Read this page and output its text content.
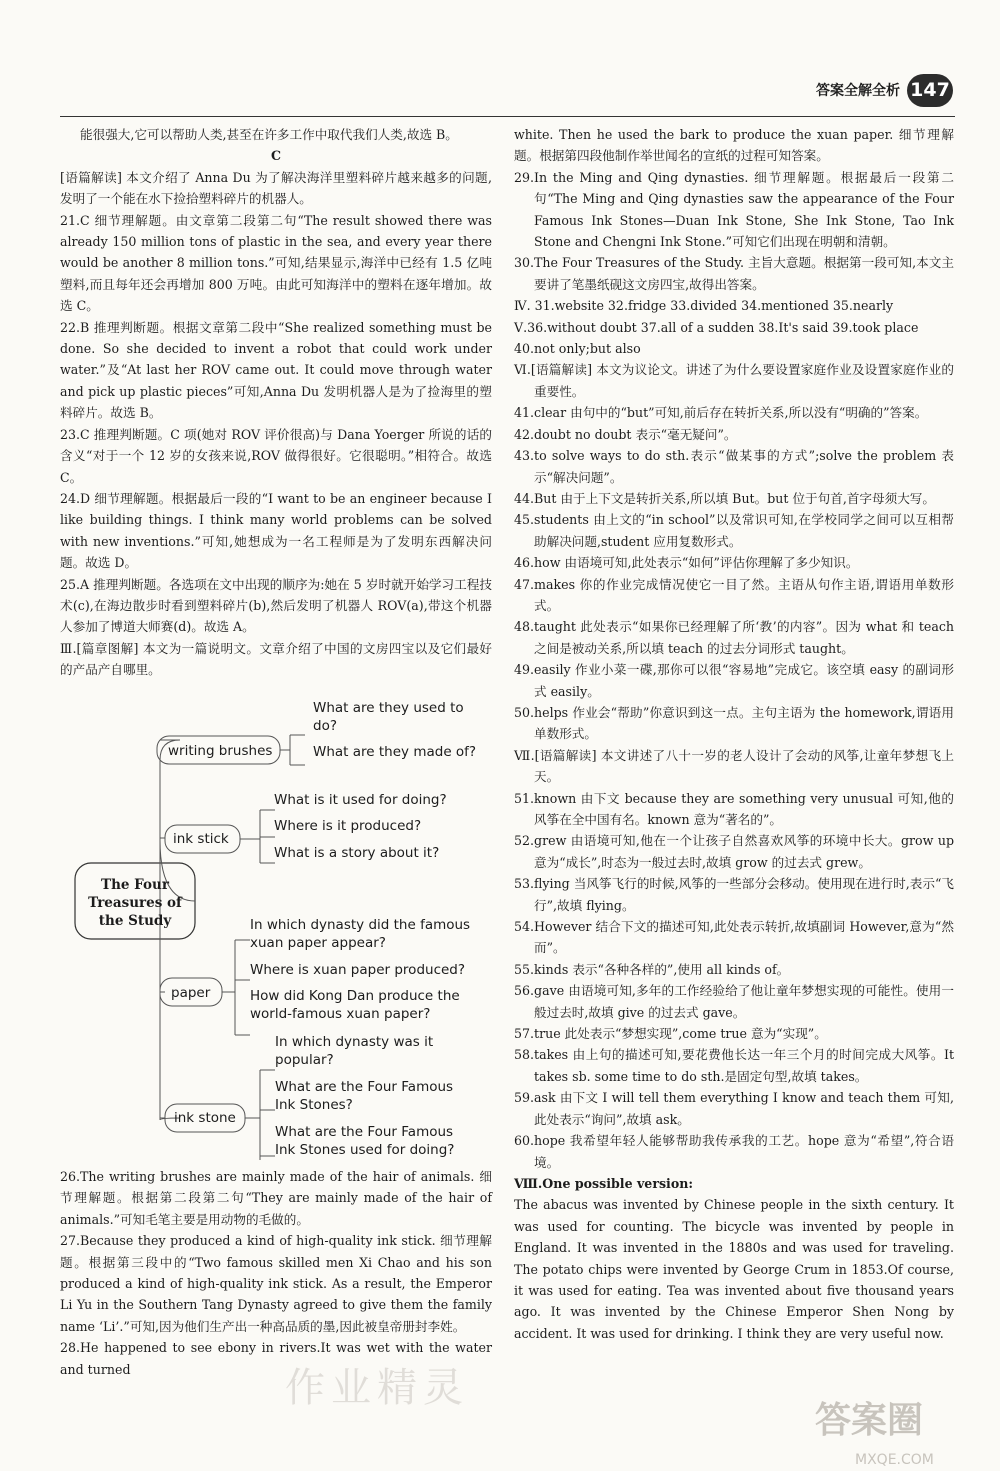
答案全解全析 147

能很强大,它可以帮助人类,甚至在许多工作中取代我们人类,故选 B。

C

[语篇解读] 本文介绍了 Anna Du 为了解决海洋里塑料碎片越来越多的问题,发明了一个能在水下捡拾塑料碎片的机器人。

21.C 细节理解题。由文章第二段第二句“The result showed there was already 150 million tons of plastic in the sea, and every year there would be another 8 million tons.”可知,结果显示,海洋中已经有 1.5 亿吨塑料,而且每年还会再增加 800 万吨。由此可知海洋中的塑料在逐年增加。故选 C。

22.B 推理判断题。根据文章第二段中“She realized something must be done. So she decided to invent a robot that could work under water.”及“At last her ROV came out. It could move through water and pick up plastic pieces”可知,Anna Du 发明机器人是为了捡海里的塑料碎片。故选 B。

23.C 推理判断题。C 项(她对 ROV 评价很高)与 Dana Yoerger 所说的话的含义“对于一个 12 岁的女孩来说,ROV 做得很好。它很聪明。”相符合。故选 C。

24.D 细节理解题。根据最后一段的“I want to be an engineer because I like building things. I think many world problems can be solved with new inventions.”可知,她想成为一名工程师是为了发明东西解决问题。故选 D。

25.A 推理判断题。各选项在文中出现的顺序为:她在 5 岁时就开始学习工程技术(c),在海边散步时看到塑料碎片(b),然后发明了机器人 ROV(a),带这个机器人参加了博道大师赛(d)。故选 A。

Ⅲ.[篇章图解] 本文为一篇说明文。文章介绍了中国的文房四宝以及它们最好的产品产自哪里。

The Four Treasures of the Study
writing brushes
What are they used to do?
What are they made of?
ink stick
What is it used for doing?
Where is it produced?
What is a story about it?
paper
In which dynasty did the famous xuan paper appear?
Where is xuan paper produced?
How did Kong Dan produce the world-famous xuan paper?
ink stone
In which dynasty was it popular?
What are the Four Famous Ink Stones?
What are the Four Famous Ink Stones used for doing?

26.The writing brushes are mainly made of the hair of animals. 细节理解题。根据第二段第二句“They are mainly made of the hair of animals.”可知毛笔主要是用动物的毛做的。

27.Because they produced a kind of high-quality ink stick. 细节理解题。根据第三段中的“Two famous skilled men Xi Chao and his son produced a kind of high-quality ink stick. As a result, the Emperor Li Yu in the Southern Tang Dynasty agreed to give them the family name ‘Li’.”可知,因为他们生产出一种高品质的墨,因此被皇帝册封李姓。

28.He happened to see ebony in rivers.It was wet with the water and turned

white. Then he used the bark to produce the xuan paper. 细节理解题。根据第四段他制作举世闻名的宣纸的过程可知答案。

29.In the Ming and Qing dynasties. 细节理解题。根据最后一段第二句“The Ming and Qing dynasties saw the appearance of the Four Famous Ink Stones—Duan Ink Stone, She Ink Stone, Tao Ink Stone and Chengni Ink Stone.”可知它们出现在明朝和清朝。

30.The Four Treasures of the Study. 主旨大意题。根据第一段可知,本文主要讲了笔墨纸砚这文房四宝,故得出答案。

Ⅳ. 31.website 32.fridge 33.divided 34.mentioned 35.nearly

Ⅴ.36.without doubt 37.all of a sudden 38.It's said 39.took place

40.not only;but also

Ⅵ.[语篇解读] 本文为议论文。讲述了为什么要设置家庭作业及设置家庭作业的重要性。

41.clear 由句中的“but”可知,前后存在转折关系,所以没有“明确的”答案。

42.doubt no doubt 表示“毫无疑问”。

43.to solve ways to do sth.表示“做某事的方式”;solve the problem 表示“解决问题”。

44.But 由于上下文是转折关系,所以填 But。but 位于句首,首字母须大写。

45.students 由上文的“in school”以及常识可知,在学校同学之间可以互相帮助解决问题,student 应用复数形式。

46.how 由语境可知,此处表示“如何”评估你理解了多少知识。

47.makes 你的作业完成情况使它一目了然。主语从句作主语,谓语用单数形式。

48.taught 此处表示“如果你已经理解了所‘教’的内容”。因为 what 和 teach 之间是被动关系,所以填 teach 的过去分词形式 taught。

49.easily 作业小菜一碟,那你可以很“容易地”完成它。该空填 easy 的副词形式 easily。

50.helps 作业会“帮助”你意识到这一点。主句主语为 the homework,谓语用单数形式。

Ⅶ.[语篇解读] 本文讲述了八十一岁的老人设计了会动的风筝,让童年梦想飞上天。

51.known 由下文 because they are something very unusual 可知,他的风筝在全中国有名。known 意为“著名的”。

52.grew 由语境可知,他在一个让孩子自然喜欢风筝的环境中长大。grow up 意为“成长”,时态为一般过去时,故填 grow 的过去式 grew。

53.flying 当风筝飞行的时候,风筝的一些部分会移动。使用现在进行时,表示“飞行”,故填 flying。

54.However 结合下文的描述可知,此处表示转折,故填副词 However,意为“然而”。

55.kinds 表示“各种各样的”,使用 all kinds of。

56.gave 由语境可知,多年的工作经验给了他让童年梦想实现的可能性。使用一般过去时,故填 give 的过去式 gave。

57.true 此处表示“梦想实现”,come true 意为“实现”。

58.takes 由上句的描述可知,要花费他长达一年三个月的时间完成大风筝。It takes sb. some time to do sth.是固定句型,故填 takes。

59.ask 由下文 I will tell them everything I know and teach them 可知,此处表示“询问”,故填 ask。

60.hope 我希望年轻人能够帮助我传承我的工艺。hope 意为“希望”,符合语境。

Ⅷ.One possible version:

The abacus was invented by Chinese people in the sixth century. It was used for counting. The bicycle was invented by people in England. It was invented in the 1880s and was used for traveling. The potato chips were invented by George Crum in 1853.Of course, it was used for eating. Tea was invented about five thousand years ago. It was invented by the Chinese Emperor Shen Nong by accident. It was used for drinking. I think they are very useful now.

作业精灵
答案圈
MXQE.COM
